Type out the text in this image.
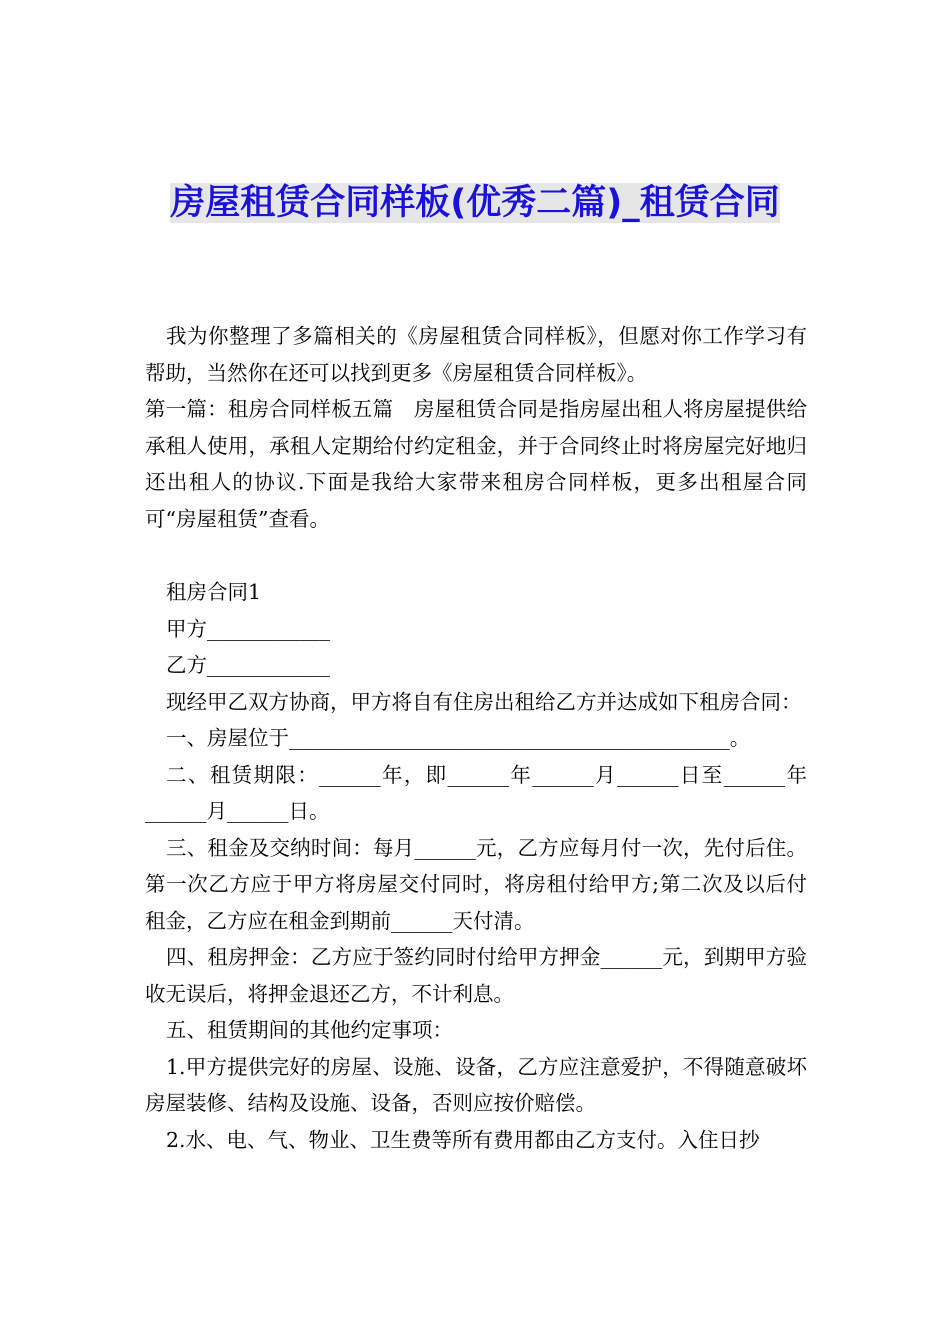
房屋租赁合同样板(优秀二篇)_租赁合同

我为你整理了多篇相关的《房屋租赁合同样板》，但愿对你工作学习有帮助，当然你在还可以找到更多《房屋租赁合同样板》。

第一篇：租房合同样板五篇　房屋租赁合同是指房屋出租人将房屋提供给承租人使用，承租人定期给付约定租金，并于合同终止时将房屋完好地归还出租人的协议.下面是我给大家带来租房合同样板，更多出租屋合同可“房屋租赁”查看。

租房合同1

甲方____________

乙方____________

现经甲乙双方协商，甲方将自有住房出租给乙方并达成如下租房合同：

一、房屋位于___________________________________________。

二、租赁期限：______年，即______年______月______日至______年______月______日。

三、租金及交纳时间：每月______元，乙方应每月付一次，先付后住。第一次乙方应于甲方将房屋交付同时，将房租付给甲方;第二次及以后付租金，乙方应在租金到期前______天付清。

四、租房押金：乙方应于签约同时付给甲方押金______元，到期甲方验收无误后，将押金退还乙方，不计利息。

五、租赁期间的其他约定事项：

1.甲方提供完好的房屋、设施、设备，乙方应注意爱护，不得随意破坏房屋装修、结构及设施、设备，否则应按价赔偿。

2.水、电、气、物业、卫生费等所有费用都由乙方支付。入住日抄
